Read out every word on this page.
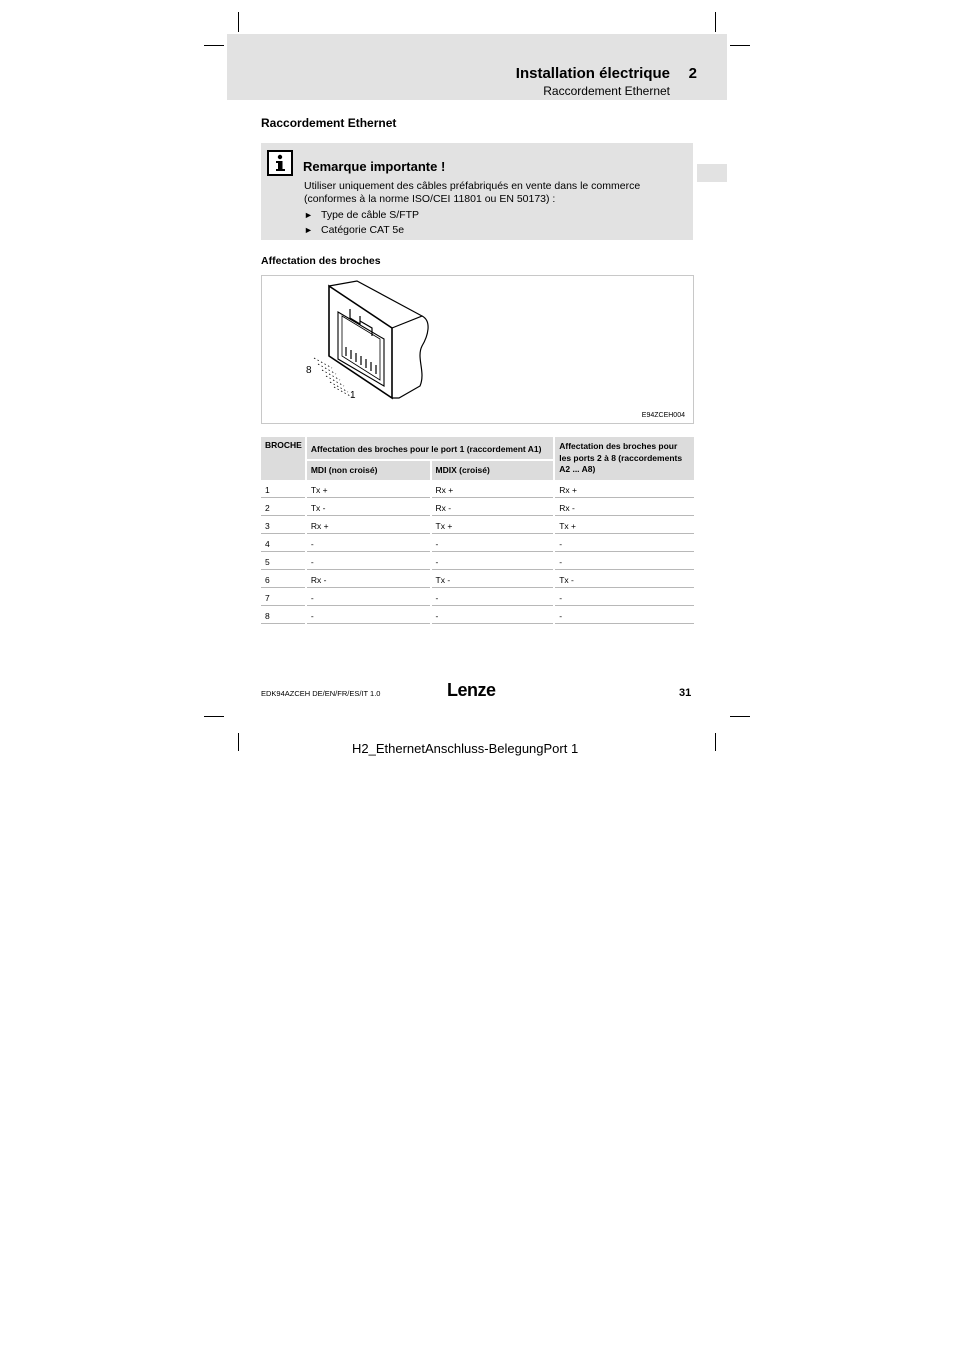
Installation électrique 2
Raccordement Ethernet
Raccordement Ethernet
Remarque importante !
Utiliser uniquement des câbles préfabriqués en vente dans le commerce (conformes à la norme ISO/CEI 11801 ou EN 50173) :
► Type de câble S/FTP
► Catégorie CAT 5e
Affectation des broches
8
1
E94ZCEH004
BROCHE	Affectation des broches pour le port 1 (raccordement A1)		Affectation des broches pour les ports 2 à 8 (raccordements A2 ... A8)
	MDI (non croisé)	MDIX (croisé)	
1	Tx +	Rx +	Rx +
2	Tx -	Rx -	Rx -
3	Rx +	Tx +	Tx +
4	-	-	-
5	-	-	-
6	Rx -	Tx -	Tx -
7	-	-	-
8	-	-	-
EDK94AZCEH DE/EN/FR/ES/IT 1.0	Lenze	31
H2_EthernetAnschluss-BelegungPort 1
